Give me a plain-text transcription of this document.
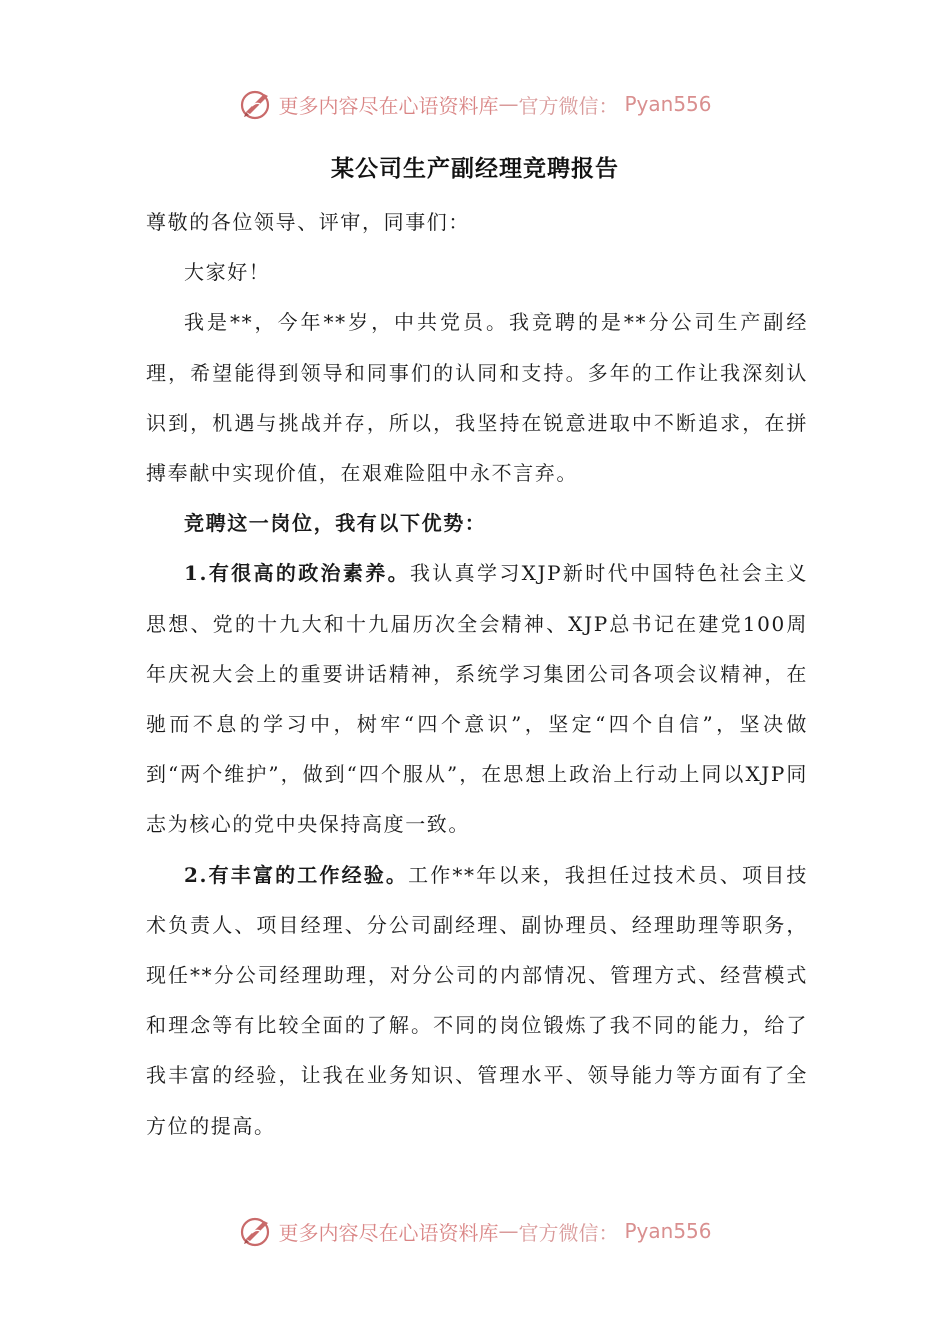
更多内容尽在心语资料库 — 官方微信： Pyan556
某公司生产副经理竞聘报告

尊敬的各位领导、评审，同事们：

大家好！

我是**，今年**岁，中共党员。我竞聘的是**分公司生产副经理，希望能得到领导和同事们的认同和支持。多年的工作让我深刻认识到，机遇与挑战并存，所以，我坚持在锐意进取中不断追求，在拼搏奉献中实现价值，在艰难险阻中永不言弃。

竞聘这一岗位，我有以下优势：

1.有很高的政治素养。我认真学习XJP新时代中国特色社会主义思想、党的十九大和十九届历次全会精神、XJP总书记在建党100周年庆祝大会上的重要讲话精神，系统学习集团公司各项会议精神，在驰而不息的学习中，树牢“四个意识”，坚定“四个自信”，坚决做到“两个维护”，做到“四个服从”，在思想上政治上行动上同以XJP同志为核心的党中央保持高度一致。

2.有丰富的工作经验。工作**年以来，我担任过技术员、项目技术负责人、项目经理、分公司副经理、副协理员、经理助理等职务，现任**分公司经理助理，对分公司的内部情况、管理方式、经营模式和理念等有比较全面的了解。不同的岗位锻炼了我不同的能力，给了我丰富的经验，让我在业务知识、管理水平、领导能力等方面有了全方位的提高。

更多内容尽在心语资料库 — 官方微信： Pyan556
